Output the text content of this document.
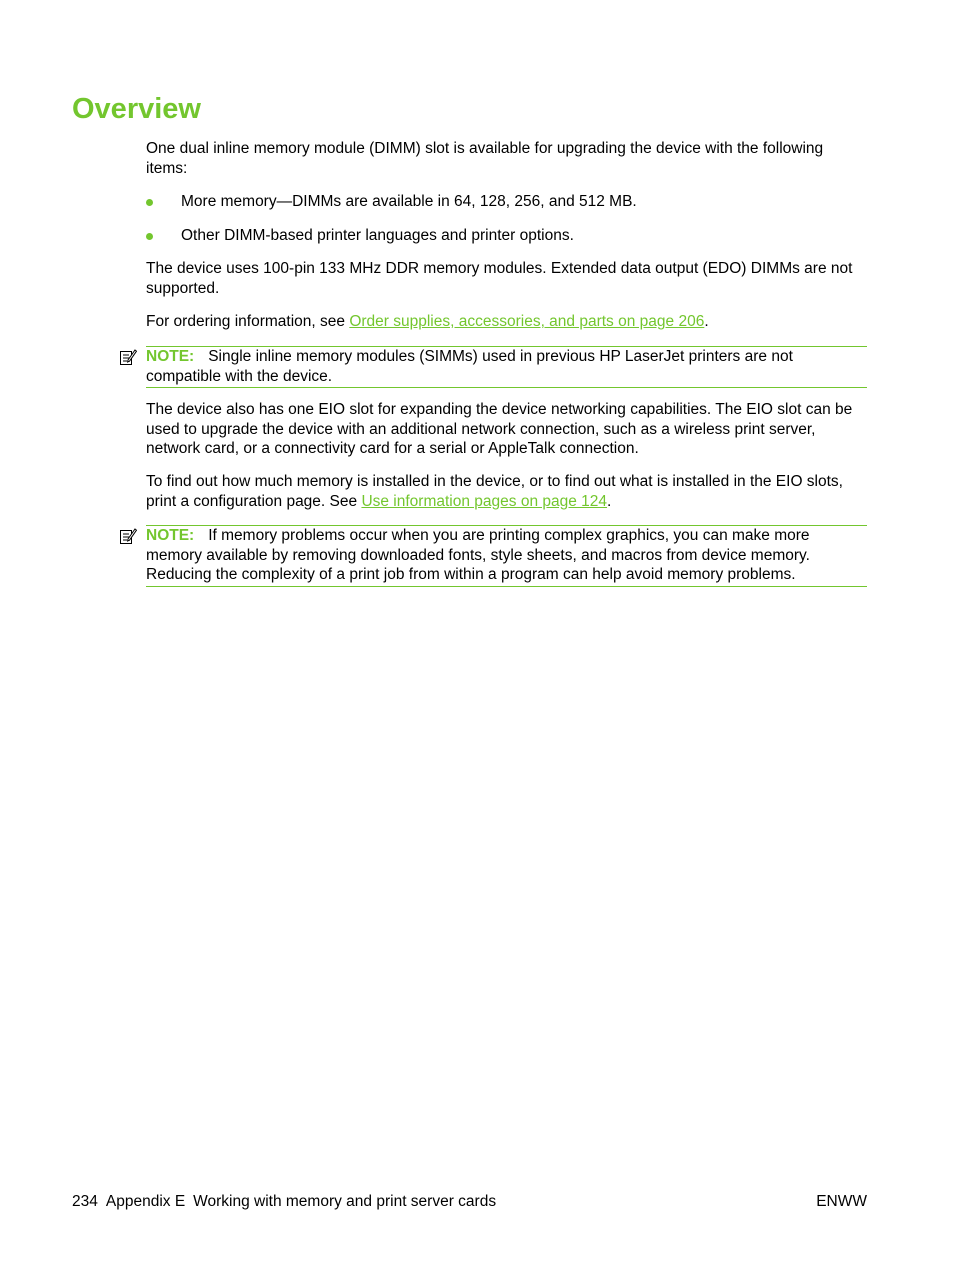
Overview

One dual inline memory module (DIMM) slot is available for upgrading the device with the following items:

More memory—DIMMs are available in 64, 128, 256, and 512 MB.
Other DIMM-based printer languages and printer options.

The device uses 100-pin 133 MHz DDR memory modules. Extended data output (EDO) DIMMs are not supported.

For ordering information, see Order supplies, accessories, and parts on page 206.

NOTE: Single inline memory modules (SIMMs) used in previous HP LaserJet printers are not compatible with the device.

The device also has one EIO slot for expanding the device networking capabilities. The EIO slot can be used to upgrade the device with an additional network connection, such as a wireless print server, network card, or a connectivity card for a serial or AppleTalk connection.

To find out how much memory is installed in the device, or to find out what is installed in the EIO slots, print a configuration page. See Use information pages on page 124.

NOTE: If memory problems occur when you are printing complex graphics, you can make more memory available by removing downloaded fonts, style sheets, and macros from device memory. Reducing the complexity of a print job from within a program can help avoid memory problems.
234 Appendix E Working with memory and print server cards	ENWW
